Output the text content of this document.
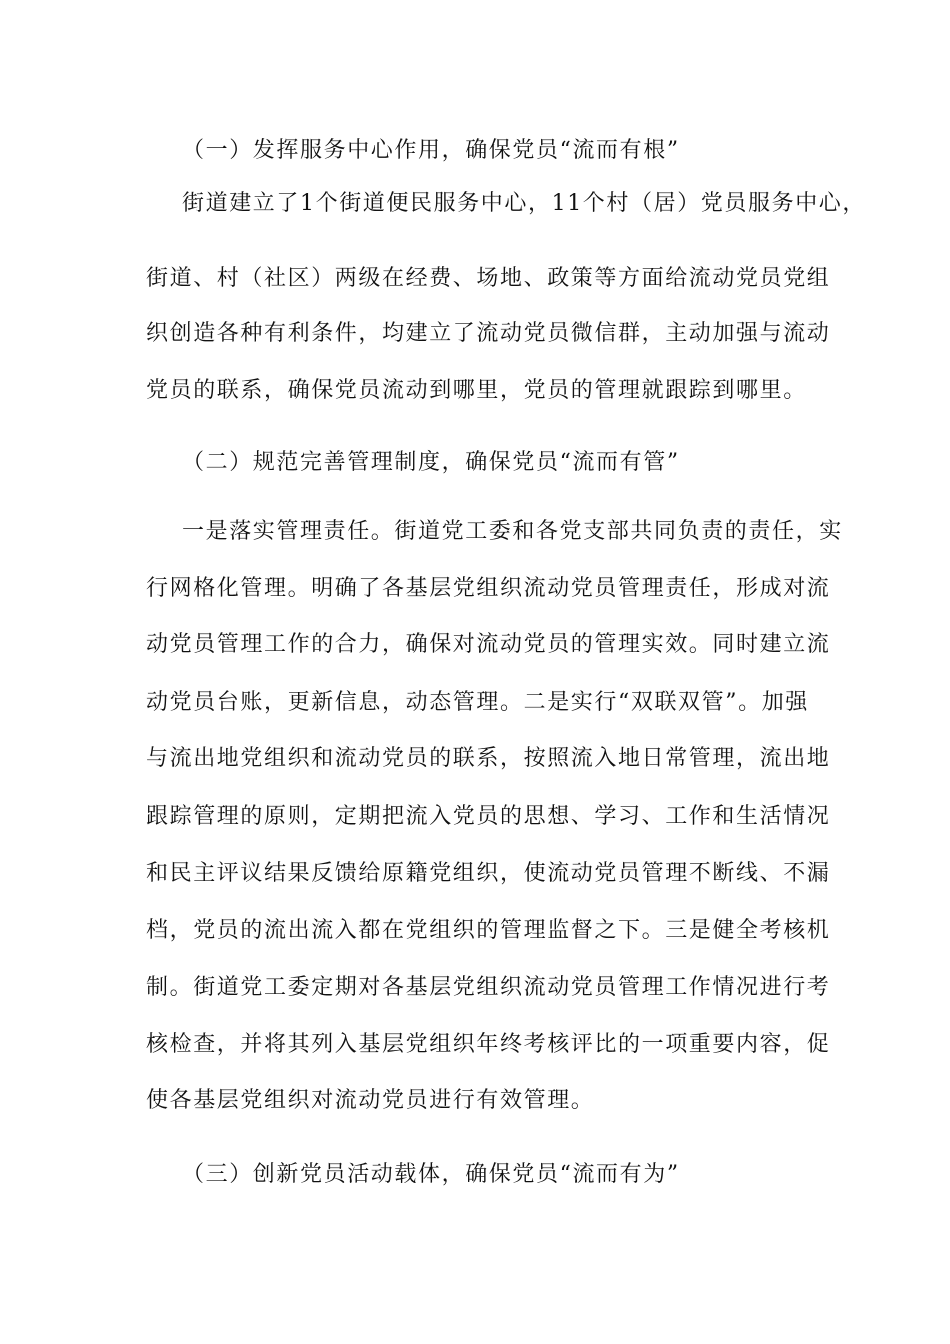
（一）发挥服务中心作用，确保党员“流而有根”

街道建立了1个街道便民服务中心，11个村（居）党员服务中心，

街道、村（社区）两级在经费、场地、政策等方面给流动党员党组

织创造各种有利条件，均建立了流动党员微信群，主动加强与流动

党员的联系，确保党员流动到哪里，党员的管理就跟踪到哪里。

（二）规范完善管理制度，确保党员“流而有管”

一是落实管理责任。街道党工委和各党支部共同负责的责任，实

行网格化管理。明确了各基层党组织流动党员管理责任，形成对流

动党员管理工作的合力，确保对流动党员的管理实效。同时建立流

动党员台账，更新信息，动态管理。二是实行“双联双管”。加强

与流出地党组织和流动党员的联系，按照流入地日常管理，流出地

跟踪管理的原则，定期把流入党员的思想、学习、工作和生活情况

和民主评议结果反馈给原籍党组织，使流动党员管理不断线、不漏

档，党员的流出流入都在党组织的管理监督之下。三是健全考核机

制。街道党工委定期对各基层党组织流动党员管理工作情况进行考

核检查，并将其列入基层党组织年终考核评比的一项重要内容，促

使各基层党组织对流动党员进行有效管理。

（三）创新党员活动载体，确保党员“流而有为”
